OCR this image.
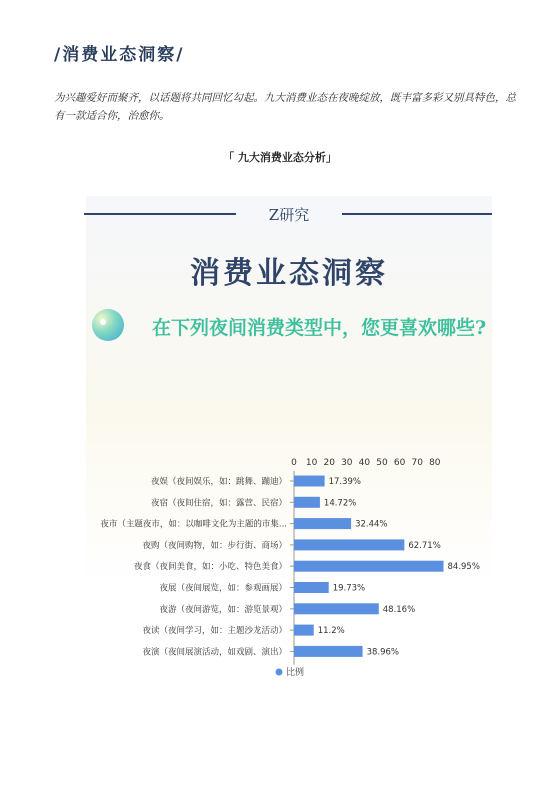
/消费业态洞察/
为兴趣爱好而聚齐，以话题将共同回忆勾起。九大消费业态在夜晚绽放，既丰富多彩又别具特色，总有一款适合你，治愈你。
「 九大消费业态分析」
Z研究
消费业态洞察
在下列夜间消费类型中，您更喜欢哪些?
0 10 20 30 40 50 60 70 80
夜娱（夜间娱乐，如：跳舞、蹦迪）	17.39%
夜宿（夜间住宿，如：露营、民宿）	14.72%
夜市（主题夜市，如：以咖啡文化为主题的市集...	32.44%
夜购（夜间购物，如：步行街、商场）	62.71%
夜食（夜间美食，如：小吃、特色美食）	84.95%
夜展（夜间展览，如：参观画展）	19.73%
夜游（夜间游览，如：游览景观）	48.16%
夜读（夜间学习，如：主题沙龙活动）	11.2%
夜演（夜间展演活动，如戏剧、演出）	38.96%
比例
